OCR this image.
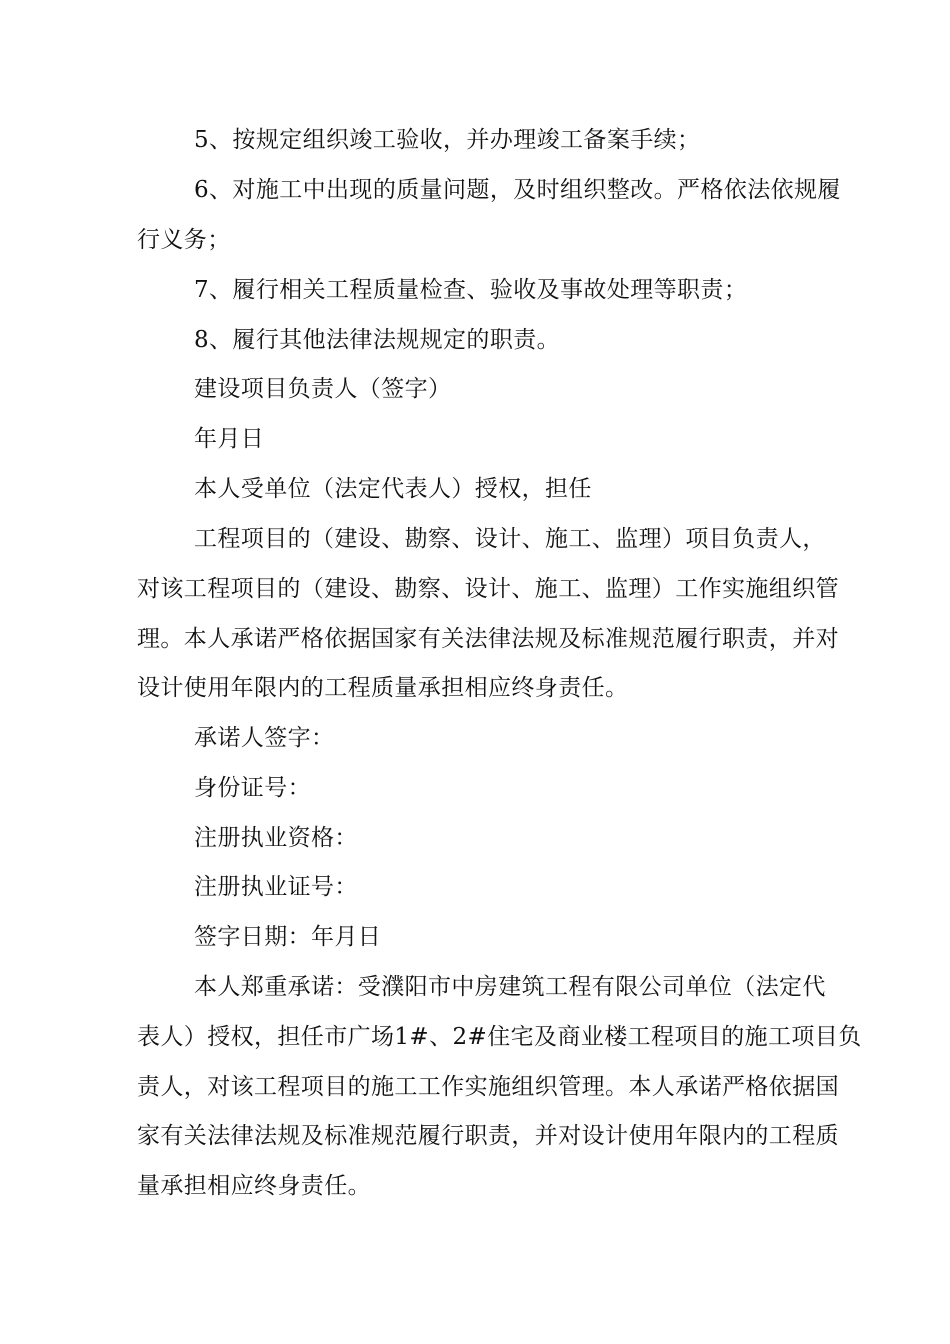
5、按规定组织竣工验收，并办理竣工备案手续；
6、对施工中出现的质量问题，及时组织整改。严格依法依规履
行义务；
7、履行相关工程质量检查、验收及事故处理等职责；
8、履行其他法律法规规定的职责。
建设项目负责人（签字）
年月日
本人受单位（法定代表人）授权，担任
工程项目的（建设、勘察、设计、施工、监理）项目负责人，
对该工程项目的（建设、勘察、设计、施工、监理）工作实施组织管
理。本人承诺严格依据国家有关法律法规及标准规范履行职责，并对
设计使用年限内的工程质量承担相应终身责任。
承诺人签字：
身份证号：
注册执业资格：
注册执业证号：
签字日期：年月日
本人郑重承诺：受濮阳市中房建筑工程有限公司单位（法定代
表人）授权，担任市广场1#、2#住宅及商业楼工程项目的施工项目负
责人，对该工程项目的施工工作实施组织管理。本人承诺严格依据国
家有关法律法规及标准规范履行职责，并对设计使用年限内的工程质
量承担相应终身责任。
